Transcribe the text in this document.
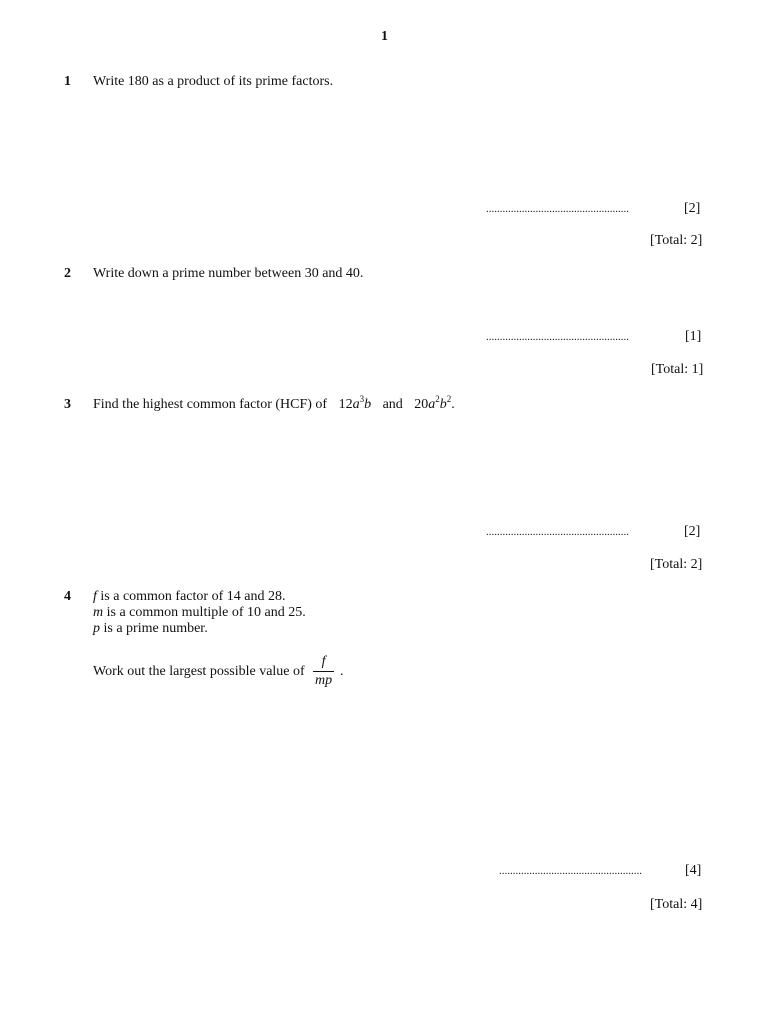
1
1 Write 180 as a product of its prime factors.
....................................................	[2]
[Total: 2]
2 Write down a prime number between 30 and 40.
....................................................	[1]
[Total: 1]
3 Find the highest common factor (HCF) of $12a^3b$ and $20a^2b^2$.
....................................................	[2]
[Total: 2]
4 f is a common factor of 14 and 28.
m is a common multiple of 10 and 25.
p is a prime number.
Work out the largest possible value of $\frac{f}{mp}$ .
....................................................	[4]
[Total: 4]
